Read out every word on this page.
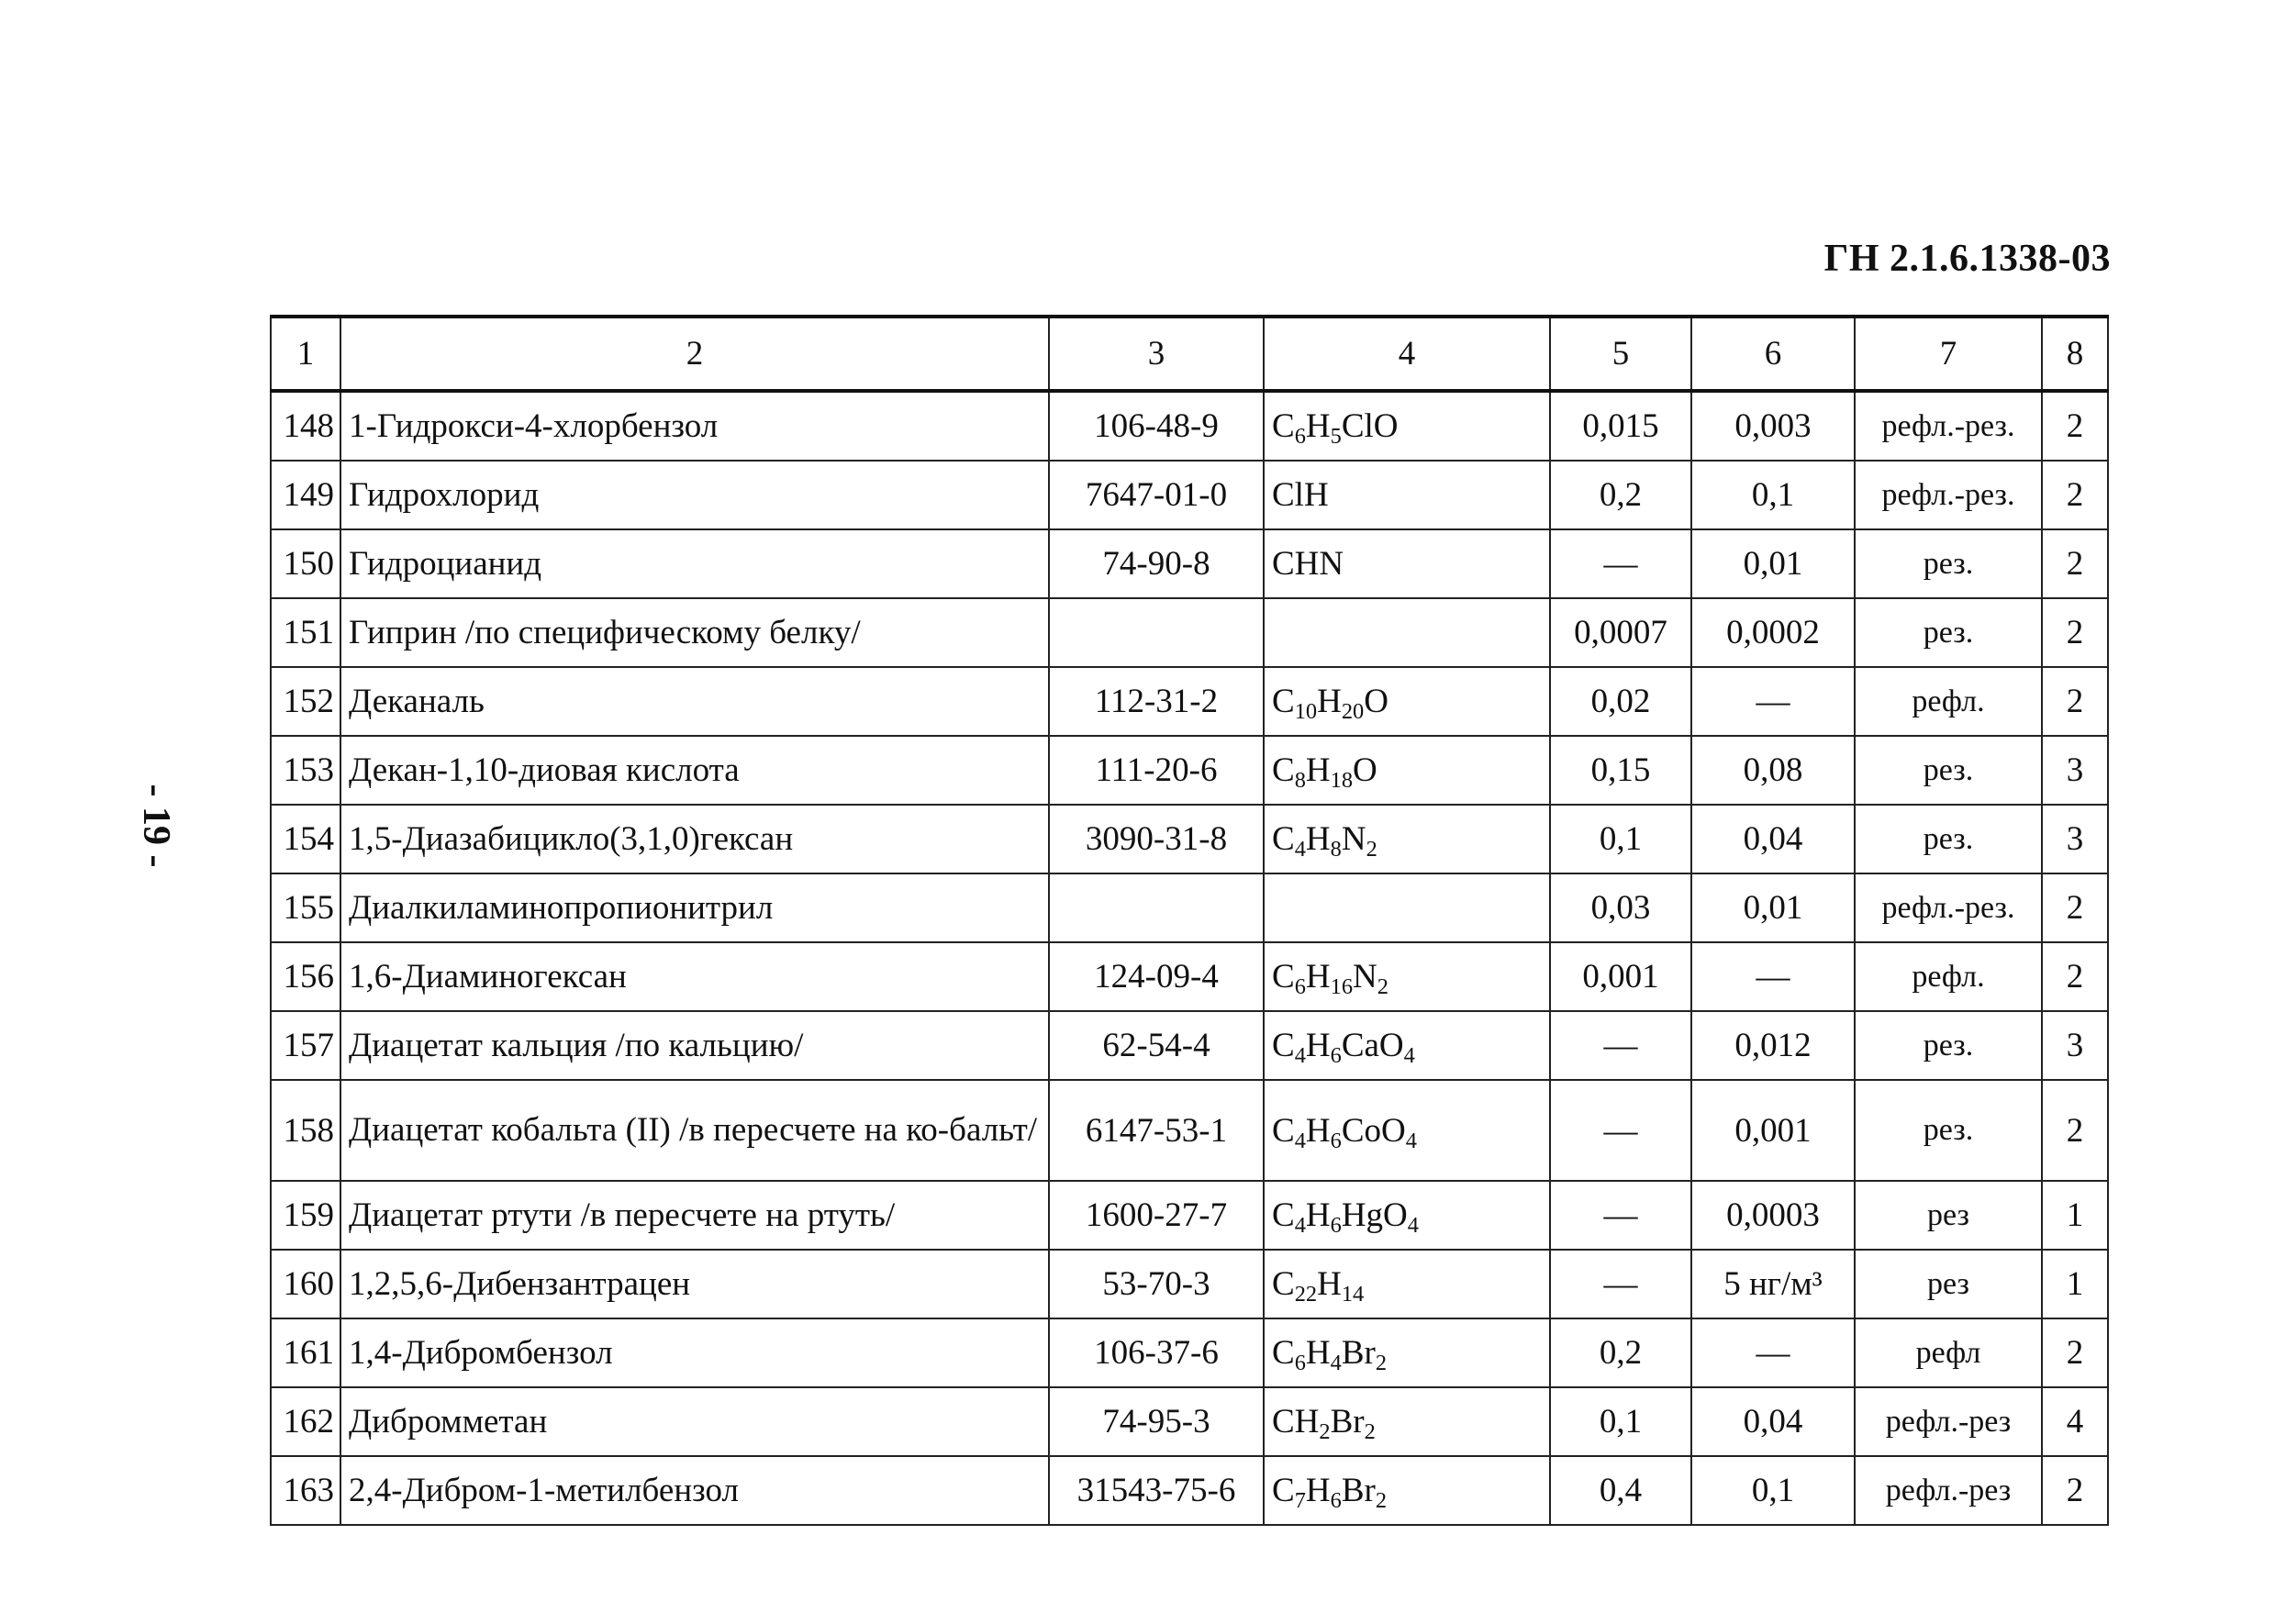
ГН 2.1.6.1338-03
- 19 -
1	2	3	4	5	6	7	8
148	1-Гидрокси-4-хлорбензол	106-48-9	$C_6H_5ClO$	0,015	0,003	рефл.-рез.	2
149	Гидрохлорид	7647-01-0	ClH	0,2	0,1	рефл.-рез.	2
150	Гидроцианид	74-90-8	CHN	—	0,01	рез.	2
151	Гиприн /по специфическому белку/			0,0007	0,0002	рез.	2
152	Деканаль	112-31-2	$C_{10}H_{20}O$	0,02	—	рефл.	2
153	Декан-1,10-диовая кислота	111-20-6	$C_8H_{18}O$	0,15	0,08	рез.	3
154	1,5-Диазабицикло(3,1,0)гексан	3090-31-8	$C_4H_8N_2$	0,1	0,04	рез.	3
155	Диалкиламинопропионитрил			0,03	0,01	рефл.-рез.	2
156	1,6-Диаминогексан	124-09-4	$C_6H_{16}N_2$	0,001	—	рефл.	2
157	Диацетат кальция /по кальцию/	62-54-4	$C_4H_6CaO_4$	—	0,012	рез.	3
158	Диацетат кобальта (II) /в пересчете на ко-бальт/	6147-53-1	$C_4H_6CoO_4$	—	0,001	рез.	2
159	Диацетат ртути /в пересчете на ртуть/	1600-27-7	$C_4H_6HgO_4$	—	0,0003	рез	1
160	1,2,5,6-Дибензантрацен	53-70-3	$C_{22}H_{14}$	—	5 нг/м³	рез	1
161	1,4-Дибромбензол	106-37-6	$C_6H_4Br_2$	0,2	—	рефл	2
162	Дибромметан	74-95-3	$CH_2Br_2$	0,1	0,04	рефл.-рез	4
163	2,4-Дибром-1-метилбензол	31543-75-6	$C_7H_6Br_2$	0,4	0,1	рефл.-рез	2
